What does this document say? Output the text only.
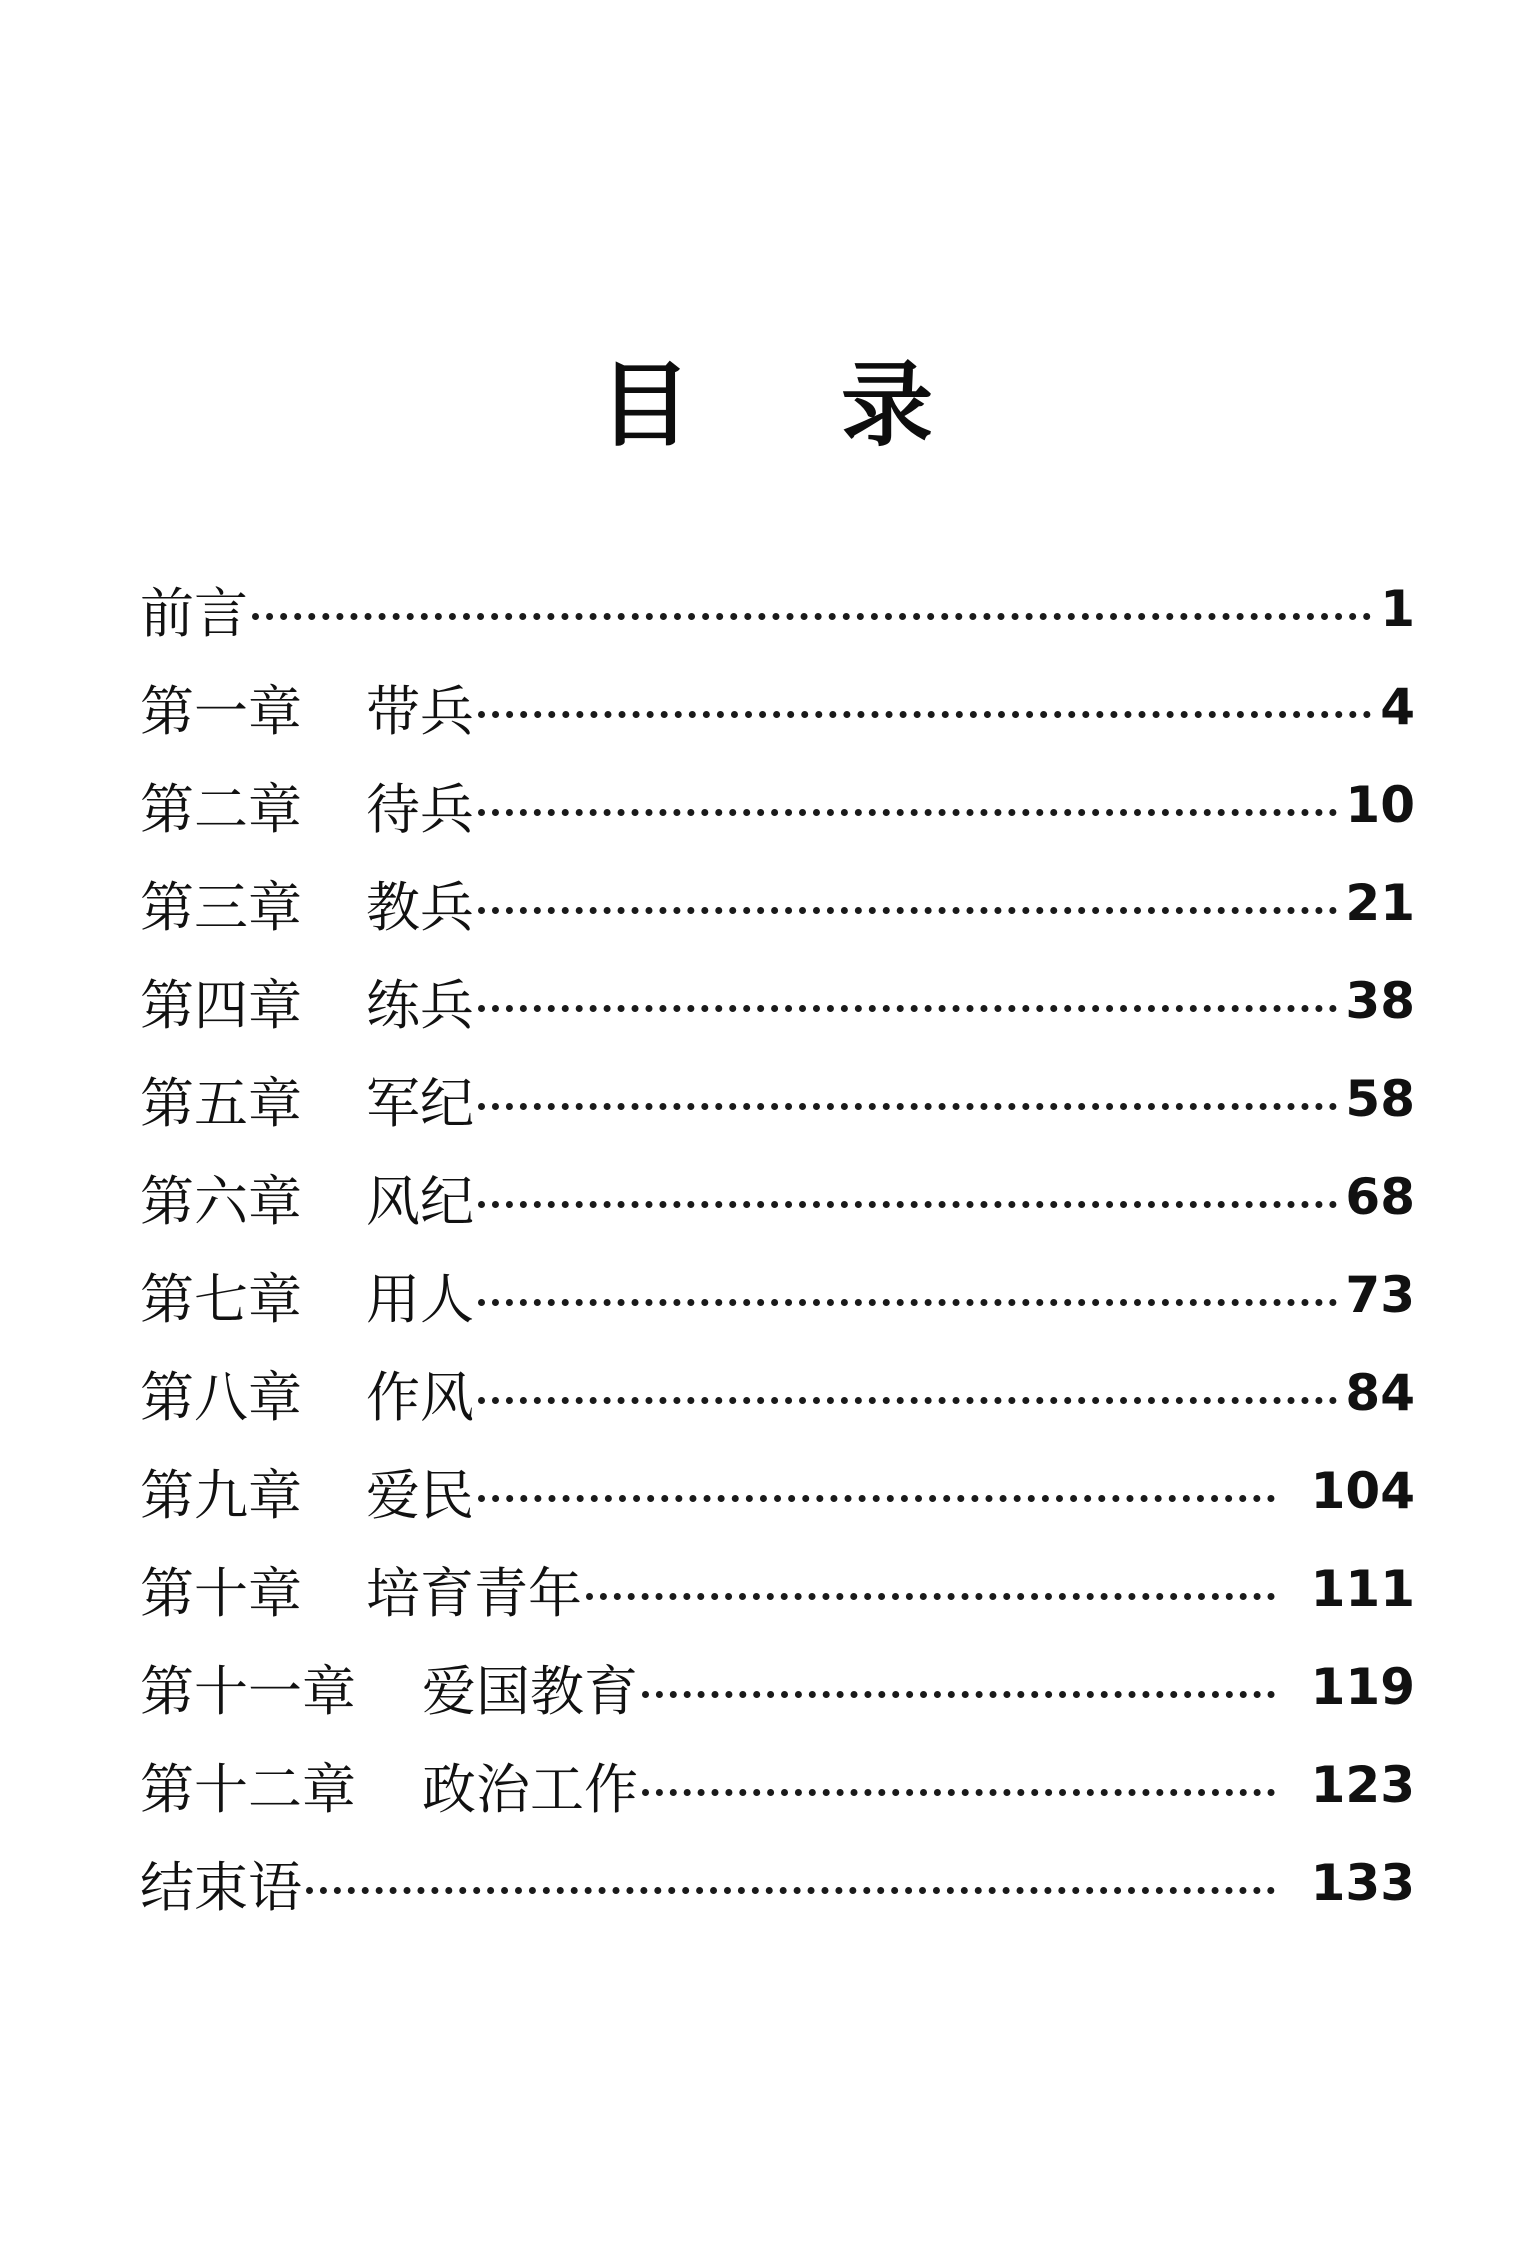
目 录
前言	1
第一章 带兵	4
第二章 待兵	10
第三章 教兵	21
第四章 练兵	38
第五章 军纪	58
第六章 风纪	68
第七章 用人	73
第八章 作风	84
第九章 爱民	104
第十章 培育青年	111
第十一章 爱国教育	119
第十二章 政治工作	123
结束语	133
